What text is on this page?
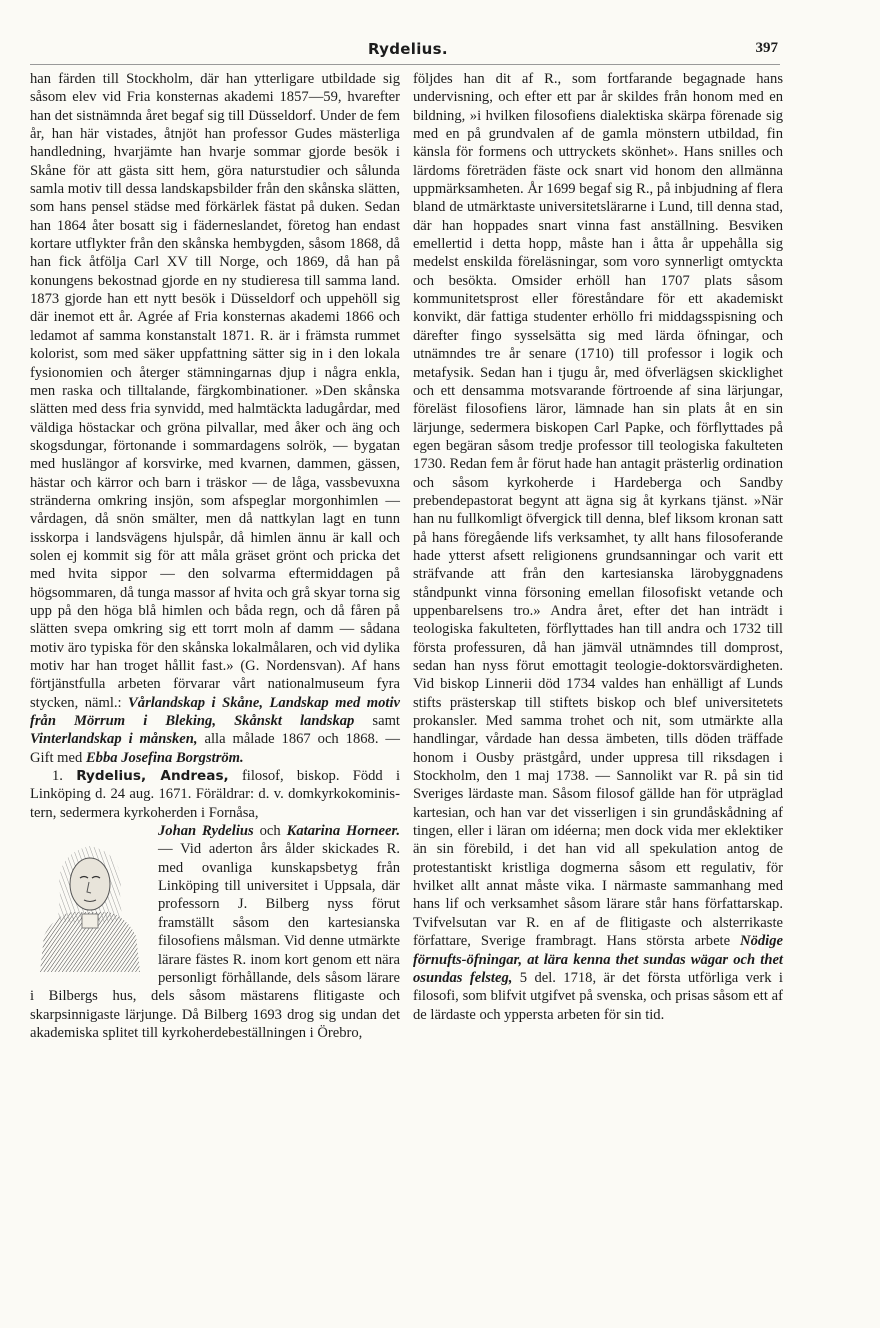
Rydelius.	397

han färden till Stockholm, där han ytterligare utbildade sig såsom elev vid Fria konsternas akademi 1857—59, hvarefter han det sistnämnda året begaf sig till Düsseldorf. Under de fem år, han här vistades, åtnjöt han professor Gudes mästerliga handledning, hvarjämte han hvarje sommar gjorde besök i Skåne för att gästa sitt hem, göra naturstudier och sålunda samla motiv till dessa landskapsbilder från den skånska slätten, som hans pensel städse med förkärlek fästat på duken. Sedan han 1864 åter bosatt sig i fäderneslandet, företog han endast kortare utflykter från den skånska hembygden, såsom 1868, då han fick åtfölja Carl XV till Norge, och 1869, då han på konungens bekostnad gjorde en ny studieresa till samma land. 1873 gjorde han ett nytt besök i Düsseldorf och uppehöll sig där inemot ett år. Agrée af Fria konsternas akademi 1866 och ledamot af samma konstanstalt 1871. R. är i främsta rummet kolorist, som med säker uppfattning sätter sig in i den lokala fysionomien och återger stämningarnas djup i några enkla, men raska och tilltalande, färgkombinationer. »Den skånska slätten med dess fria synvidd, med halmtäckta ladugårdar, med väldiga höstackar och gröna pilvallar, med åker och äng och skogsdungar, förtonande i sommardagens solrök, — bygatan med huslängor af korsvirke, med kvarnen, dammen, gässen, hästar och kärror och barn i träskor — de låga, vassbevuxna stränderna omkring insjön, som afspeglar morgonhimlen — vårdagen, då snön smälter, men då nattkylan lagt en tunn isskorpa i landsvägens hjulspår, då himlen ännu är kall och solen ej kommit sig för att måla gräset grönt och pricka det med hvita sippor — den solvarma eftermiddagen på högsommaren, då tunga massor af hvita och grå skyar torna sig upp på den höga blå himlen och båda regn, och då fåren på slätten svepa omkring sig ett torrt moln af damm — sådana motiv äro typiska för den skånska lokalmålaren, och vid dylika motiv har han troget hållit fast.» (G. Nordensvan). Af hans förtjänstfulla arbeten förvarar vårt nationalmuseum fyra stycken, näml.: Vårlandskap i Skåne, Landskap med motiv från Mörrum i Bleking, Skånskt landskap samt Vinterlandskap i månsken, alla målade 1867 och 1868. — Gift med Ebba Josefina Borgström.

1. Rydelius, Andreas, filosof, biskop. Född i Linköping d. 24 aug. 1671. Föräldrar: d. v. domkyrkokoministern, sedermera kyrkoherden i Fornåsa,

Johan Rydelius och Katarina Horneer. — Vid aderton års ålder skickades R. med ovanliga kunskapsbetyg från Linköping till universitet i Uppsala, där professorn J. Bilberg nyss förut framställt såsom den kartesianska filosofiens målsman. Vid denne utmärkte lärare fästes R. inom kort genom ett nära personligt förhållande, dels såsom lärare i Bilbergs hus, dels såsom mästarens flitigaste och skarpsinnigaste lärjunge. Då Bilberg 1693 drog sig undan det akademiska splitet till kyrkoherdebeställningen i Örebro,

följdes han dit af R., som fortfarande begagnade hans undervisning, och efter ett par år skildes från honom med en bildning, »i hvilken filosofiens dialektiska skärpa förenade sig med en på grundvalen af de gamla mönstern utbildad, fin känsla för formens och uttryckets skönhet». Hans snilles och lärdoms företräden fäste ock snart vid honom den allmänna uppmärksamheten. År 1699 begaf sig R., på inbjudning af flera bland de utmärktaste universitetslärarne i Lund, till denna stad, där han hoppades snart vinna fast anställning. Besviken emellertid i detta hopp, måste han i åtta år uppehålla sig medelst enskilda föreläsningar, som voro synnerligt omtyckta och besökta. Omsider erhöll han 1707 plats såsom kommunitetsprost eller föreståndare för ett akademiskt konvikt, där fattiga studenter erhöllo fri middagsspisning och därefter fingo sysselsätta sig med lärda öfningar, och utnämndes tre år senare (1710) till professor i logik och metafysik. Sedan han i tjugu år, med öfverlägsen skicklighet och ett densamma motsvarande förtroende af sina lärjungar, föreläst filosofiens läror, lämnade han sin plats åt en sin lärjunge, sedermera biskopen Carl Papke, och förflyttades på egen begäran såsom tredje professor till teologiska fakulteten 1730. Redan fem år förut hade han antagit prästerlig ordination och såsom kyrkoherde i Hardeberga och Sandby prebendepastorat begynt att ägna sig åt kyrkans tjänst. »När han nu fullkomligt öfvergick till denna, blef liksom kronan satt på hans föregående lifs verksamhet, ty allt hans filosoferande hade ytterst afsett religionens grundsanningar och varit ett sträfvande att från den kartesianska lärobyggnadens ståndpunkt vinna försoning emellan filosofiskt vetande och uppenbarelsens tro.» Andra året, efter det han inträdt i teologiska fakulteten, förflyttades han till andra och 1732 till första professuren, då han jämväl utnämndes till domprost, sedan han nyss förut emottagit teologie-doktorsvärdigheten. Vid biskop Linnerii död 1734 valdes han enhälligt af Lunds stifts prästerskap till stiftets biskop och blef universitetets prokansler. Med samma trohet och nit, som utmärkte alla handlingar, vårdade han dessa ämbeten, tills döden träffade honom i Ousby prästgård, under uppresa till riksdagen i Stockholm, den 1 maj 1738. — Sannolikt var R. på sin tid Sveriges lärdaste man. Såsom filosof gällde han för utpräglad kartesian, och han var det visserligen i sin grundåskådning af tingen, eller i läran om idéerna; men dock vida mer eklektiker än sin förebild, i det han vid all spekulation antog de protestantiskt kristliga dogmerna såsom ett regulativ, för hvilket allt annat måste vika. I närmaste sammanhang med hans lif och verksamhet såsom lärare står hans författarskap. Tvifvelsutan var R. en af de flitigaste och alsterrikaste författare, Sverige frambragt. Hans största arbete Nödige förnufts-öfningar, at lära kenna thet sundas wägar och thet osundas felsteg, 5 del. 1718, är det första utförliga verk i filosofi, som blifvit utgifvet på svenska, och prisas såsom ett af de lärdaste och yppersta arbeten för sin tid.
